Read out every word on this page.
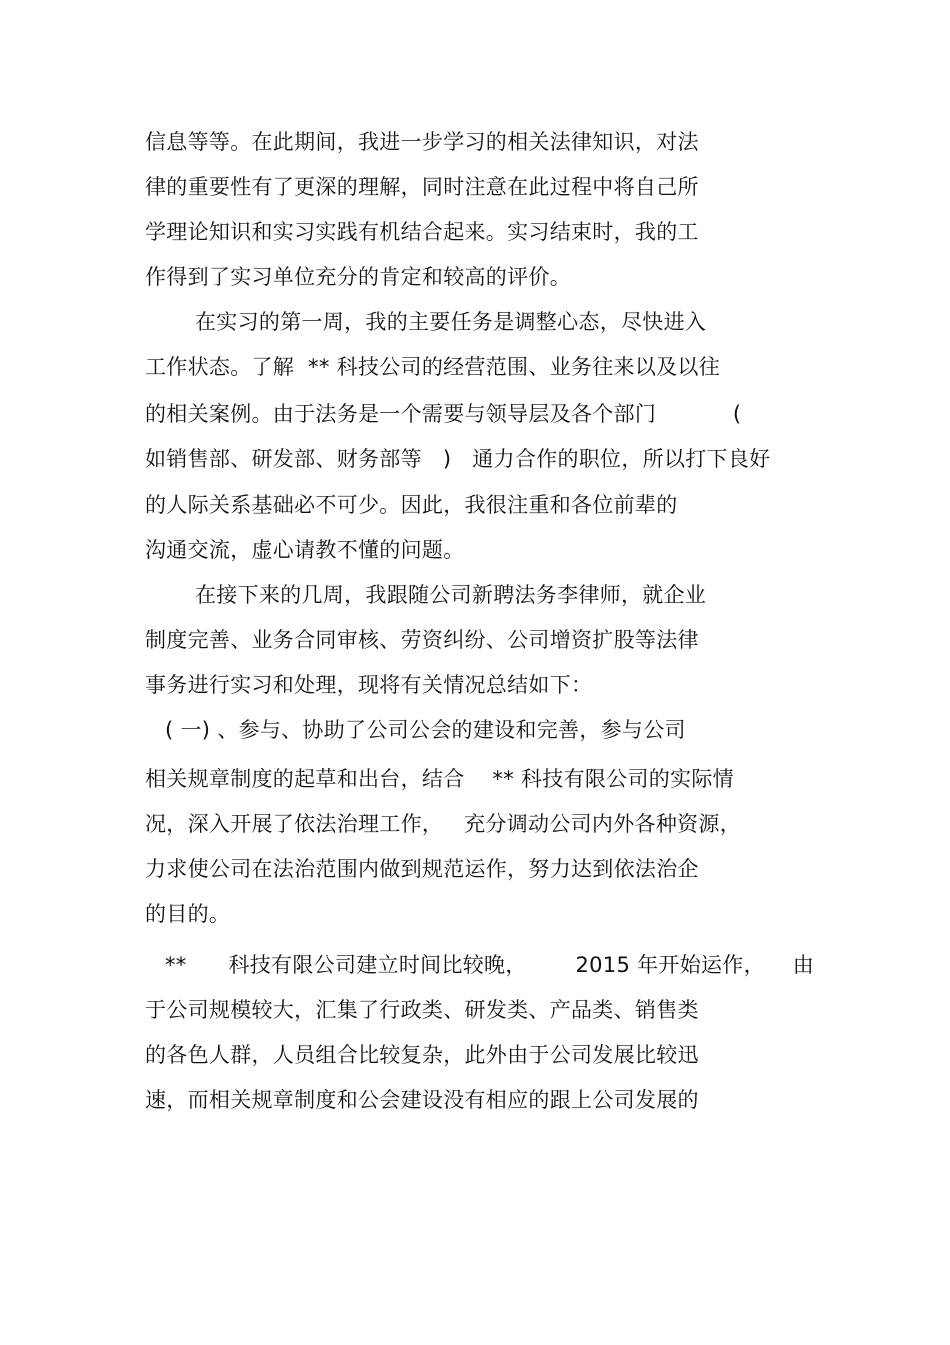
信息等等。在此期间，我进一步学习的相关法律知识，对法
律的重要性有了更深的理解，同时注意在此过程中将自己所
学理论知识和实习实践有机结合起来。实习结束时，我的工
作得到了实习单位充分的肯定和较高的评价。
在实习的第一周，我的主要任务是调整心态，尽快进入
工作状态。了解  ** 科技公司的经营范围、业务往来以及以往
的相关案例。由于法务是一个需要与领导层及各个部门           (
如销售部、研发部、财务部等   )   通力合作的职位，所以打下良好
的人际关系基础必不可少。因此，我很注重和各位前辈的
沟通交流，虚心请教不懂的问题。
在接下来的几周，我跟随公司新聘法务李律师，就企业
制度完善、业务合同审核、劳资纠纷、公司增资扩股等法律
事务进行实习和处理，现将有关情况总结如下：
( 一) 、参与、协助了公司公会的建设和完善，参与公司
相关规章制度的起草和出台，结合    ** 科技有限公司的实际情
况，深入开展了依法治理工作，   充分调动公司内外各种资源，
力求使公司在法治范围内做到规范运作，努力达到依法治企
的目的。
**      科技有限公司建立时间比较晚，       2015 年开始运作，    由
于公司规模较大，汇集了行政类、研发类、产品类、销售类
的各色人群，人员组合比较复杂，此外由于公司发展比较迅
速，而相关规章制度和公会建设没有相应的跟上公司发展的
